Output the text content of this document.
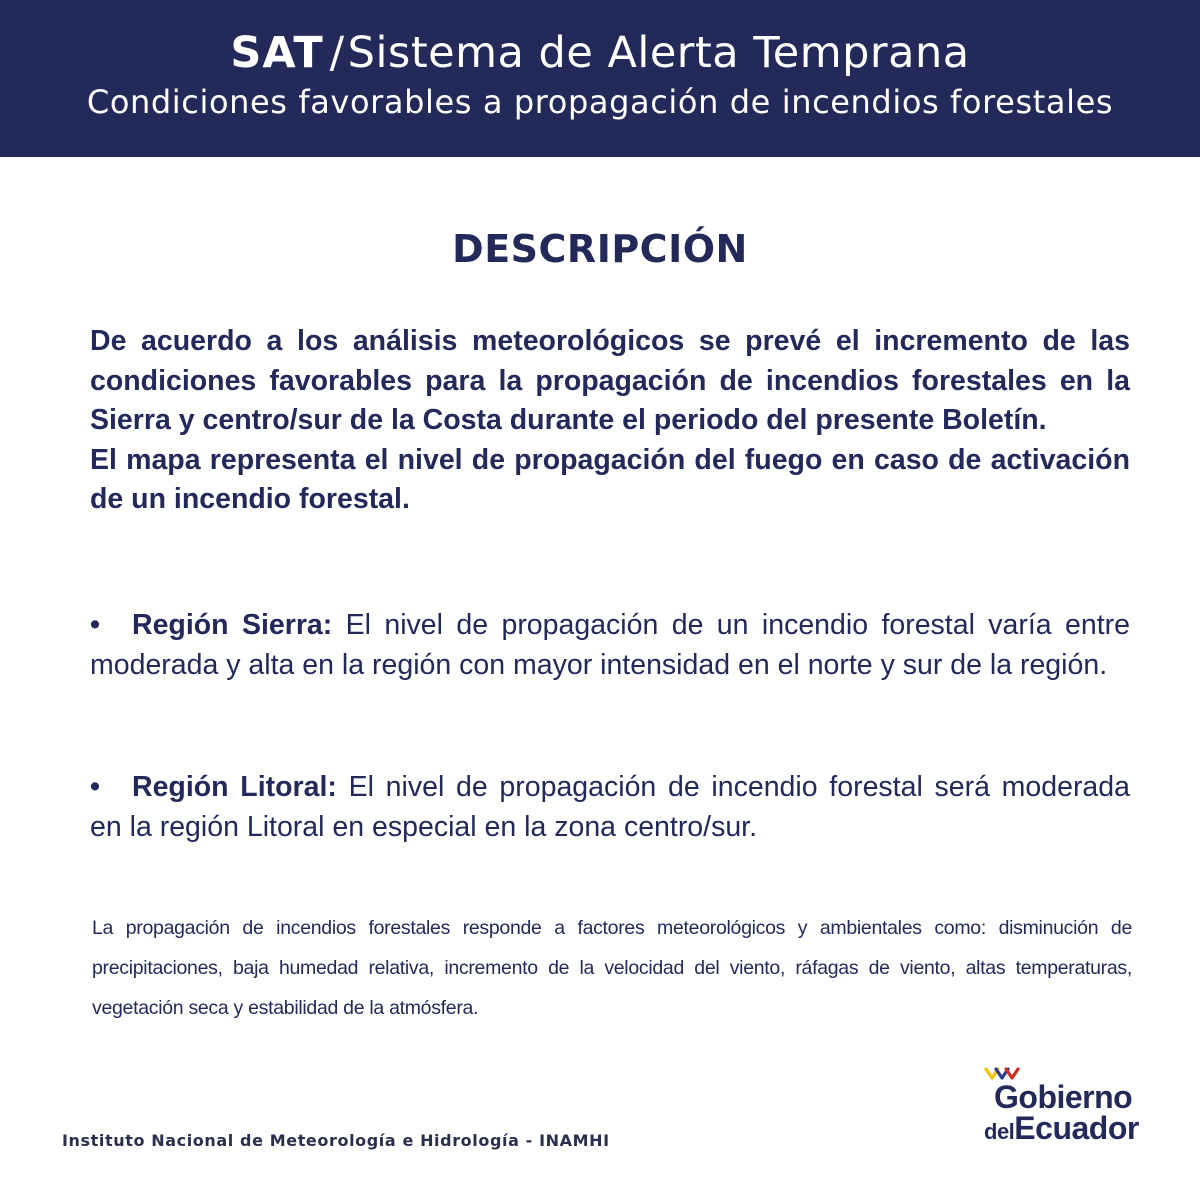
SAT /Sistema de Alerta Temprana
Condiciones favorables a propagación de incendios forestales
DESCRIPCIÓN

De acuerdo a los análisis meteorológicos se prevé el incremento de las condiciones favorables para la propagación de incendios forestales en la Sierra y centro/sur de la Costa durante el periodo del presente Boletín.

El mapa representa el nivel de propagación del fuego en caso de activación de un incendio forestal.

• Región Sierra: El nivel de propagación de un incendio forestal varía entre moderada y alta en la región con mayor intensidad en el norte y sur de la región.
• Región Litoral: El nivel de propagación de incendio forestal será moderada en la región Litoral en especial en la zona centro/sur.
La propagación de incendios forestales responde a factores meteorológicos y ambientales como: disminución de precipitaciones, baja humedad relativa, incremento de la velocidad del viento, ráfagas de viento, altas temperaturas, vegetación seca y estabilidad de la atmósfera.
Instituto Nacional de Meteorología e Hidrología - INAMHI
Gobierno
delEcuador
